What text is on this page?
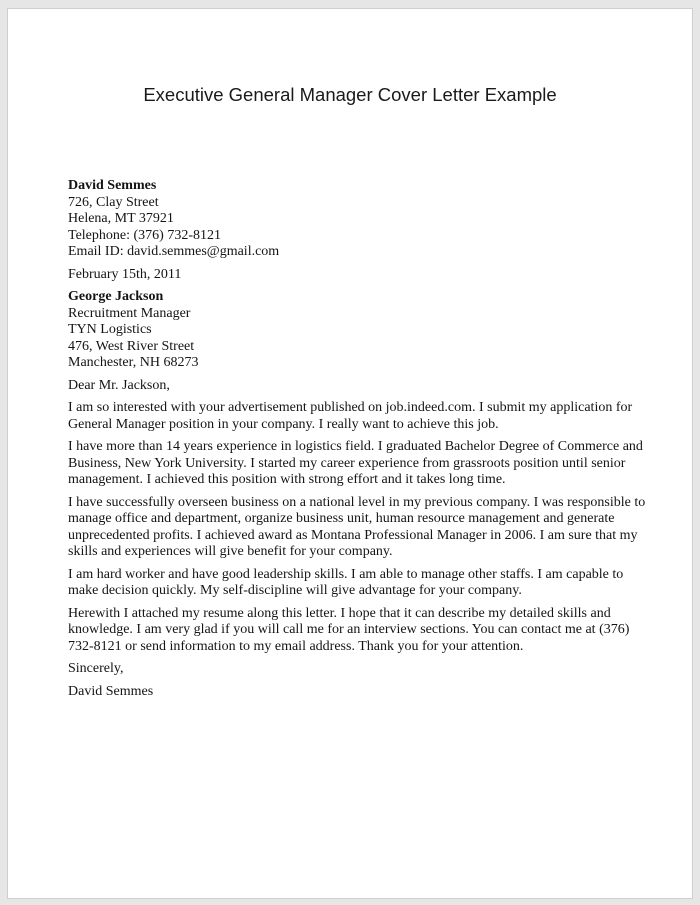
Executive General Manager Cover Letter Example
David Semmes
726, Clay Street
Helena, MT 37921
Telephone: (376) 732-8121
Email ID: david.semmes@gmail.com
February 15th, 2011
George Jackson
Recruitment Manager
TYN Logistics
476, West River Street
Manchester, NH 68273
Dear Mr. Jackson,
I am so interested with your advertisement published on job.indeed.com. I submit my application for
General Manager position in your company. I really want to achieve this job.
I have more than 14 years experience in logistics field. I graduated Bachelor Degree of Commerce and
Business, New York University. I started my career experience from grassroots position until senior
management. I achieved this position with strong effort and it takes long time.
I have successfully overseen business on a national level in my previous company. I was responsible to
manage office and department, organize business unit, human resource management and generate
unprecedented profits. I achieved award as Montana Professional Manager in 2006. I am sure that my
skills and experiences will give benefit for your company.
I am hard worker and have good leadership skills. I am able to manage other staffs. I am capable to
make decision quickly. My self-discipline will give advantage for your company.
Herewith I attached my resume along this letter. I hope that it can describe my detailed skills and
knowledge. I am very glad if you will call me for an interview sections. You can contact me at (376)
732-8121 or send information to my email address. Thank you for your attention.
Sincerely,
David Semmes
